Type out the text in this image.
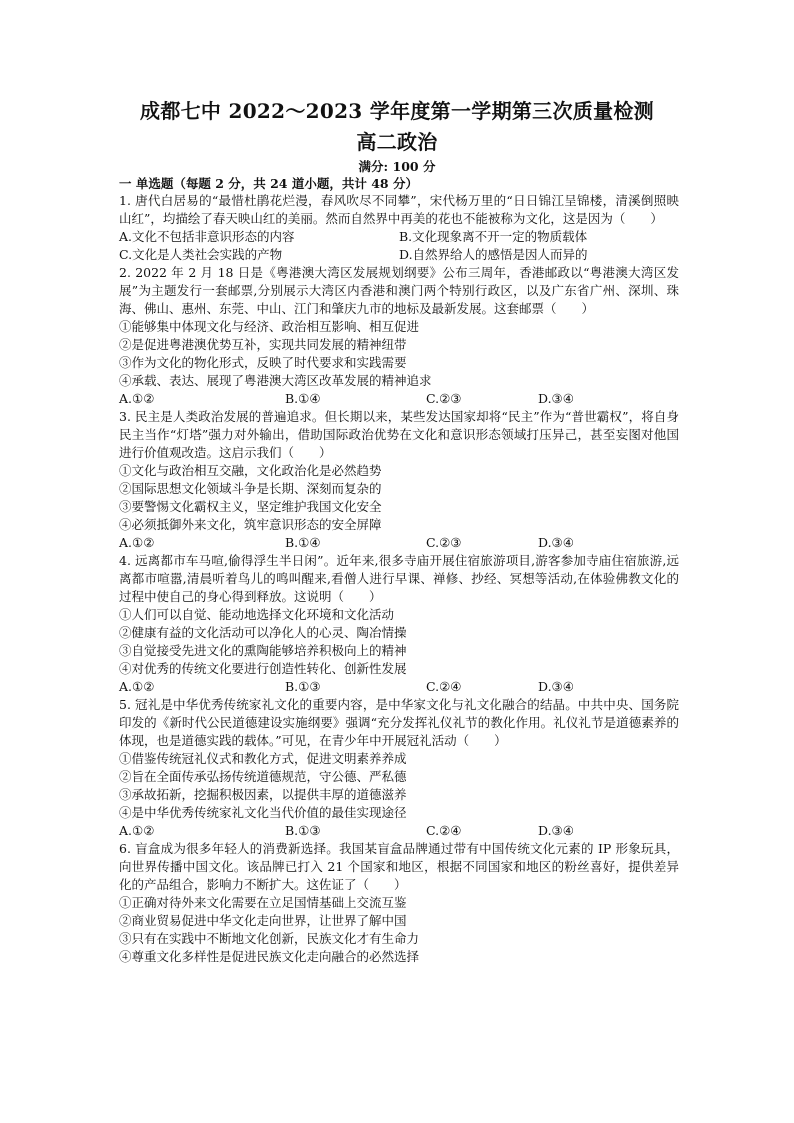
成都七中 2022～2023 学年度第一学期第三次质量检测 高二政治
满分: 100 分
一 单选题（每题 2 分，共 24 道小题，共计 48 分）
1. 唐代白居易的“最惜杜鹃花烂漫，春风吹尽不同攀”，宋代杨万里的“日日锦江呈锦楼，清溪倒照映山红”，均描绘了春天映山红的美丽。然而自然界中再美的花也不能被称为文化，这是因为（　　）
A.文化不包括非意识形态的内容	B.文化现象离不开一定的物质载体
C.文化是人类社会实践的产物	D.自然界给人的感悟是因人而异的
2. 2022 年 2 月 18 日是《粤港澳大湾区发展规划纲要》公布三周年，香港邮政以“粤港澳大湾区发展”为主题发行一套邮票,分别展示大湾区内香港和澳门两个特别行政区，以及广东省广州、深圳、珠海、佛山、惠州、东莞、中山、江门和肇庆九市的地标及最新发展。这套邮票（　　）
①能够集中体现文化与经济、政治相互影响、相互促进
②是促进粤港澳优势互补，实现共同发展的精神纽带
③作为文化的物化形式，反映了时代要求和实践需要
④承载、表达、展现了粤港澳大湾区改革发展的精神追求
A.①②	B.①④	C.②③	D.③④
3. 民主是人类政治发展的普遍追求。但长期以来，某些发达国家却将“民主”作为“普世霸权”，将自身民主当作“灯塔”强力对外输出，借助国际政治优势在文化和意识形态领域打压异己，甚至妄图对他国进行价值观改造。这启示我们（　　）
①文化与政治相互交融，文化政治化是必然趋势
②国际思想文化领域斗争是长期、深刻而复杂的
③要警惕文化霸权主义，坚定维护我国文化安全
④必须抵御外来文化，筑牢意识形态的安全屏障
A.①②	B.①④	C.②③	D.③④
4. 远离都市车马喧,偷得浮生半日闲”。近年来,很多寺庙开展住宿旅游项目,游客参加寺庙住宿旅游,远离都市喧嚣,清晨听着鸟儿的鸣叫醒来,看僧人进行早课、禅修、抄经、冥想等活动,在体验佛教文化的过程中使自己的身心得到释放。这说明（　　）
①人们可以自觉、能动地选择文化环境和文化活动
②健康有益的文化活动可以净化人的心灵、陶冶情操
③自觉接受先进文化的熏陶能够培养积极向上的精神
④对优秀的传统文化要进行创造性转化、创新性发展
A.①②	B.①③	C.②④	D.③④
5. 冠礼是中华优秀传统家礼文化的重要内容，是中华家文化与礼文化融合的结晶。中共中央、国务院印发的《新时代公民道德建设实施纲要》强调“充分发挥礼仪礼节的教化作用。礼仪礼节是道德素养的体现，也是道德实践的载体。”可见，在青少年中开展冠礼活动（　　）
①借鉴传统冠礼仪式和教化方式，促进文明素养养成
②旨在全面传承弘扬传统道德规范，守公德、严私德
③承故拓新，挖掘积极因素，以提供丰厚的道德滋养
④是中华优秀传统家礼文化当代价值的最佳实现途径
A.①②	B.①③	C.②④	D.③④
6. 盲盒成为很多年轻人的消费新选择。我国某盲盒品牌通过带有中国传统文化元素的 IP 形象玩具，向世界传播中国文化。该品牌已打入 21 个国家和地区，根据不同国家和地区的粉丝喜好，提供差异化的产品组合，影响力不断扩大。这佐证了（　　）
①正确对待外来文化需要在立足国情基础上交流互鉴
②商业贸易促进中华文化走向世界，让世界了解中国
③只有在实践中不断地文化创新，民族文化才有生命力
④尊重文化多样性是促进民族文化走向融合的必然选择
